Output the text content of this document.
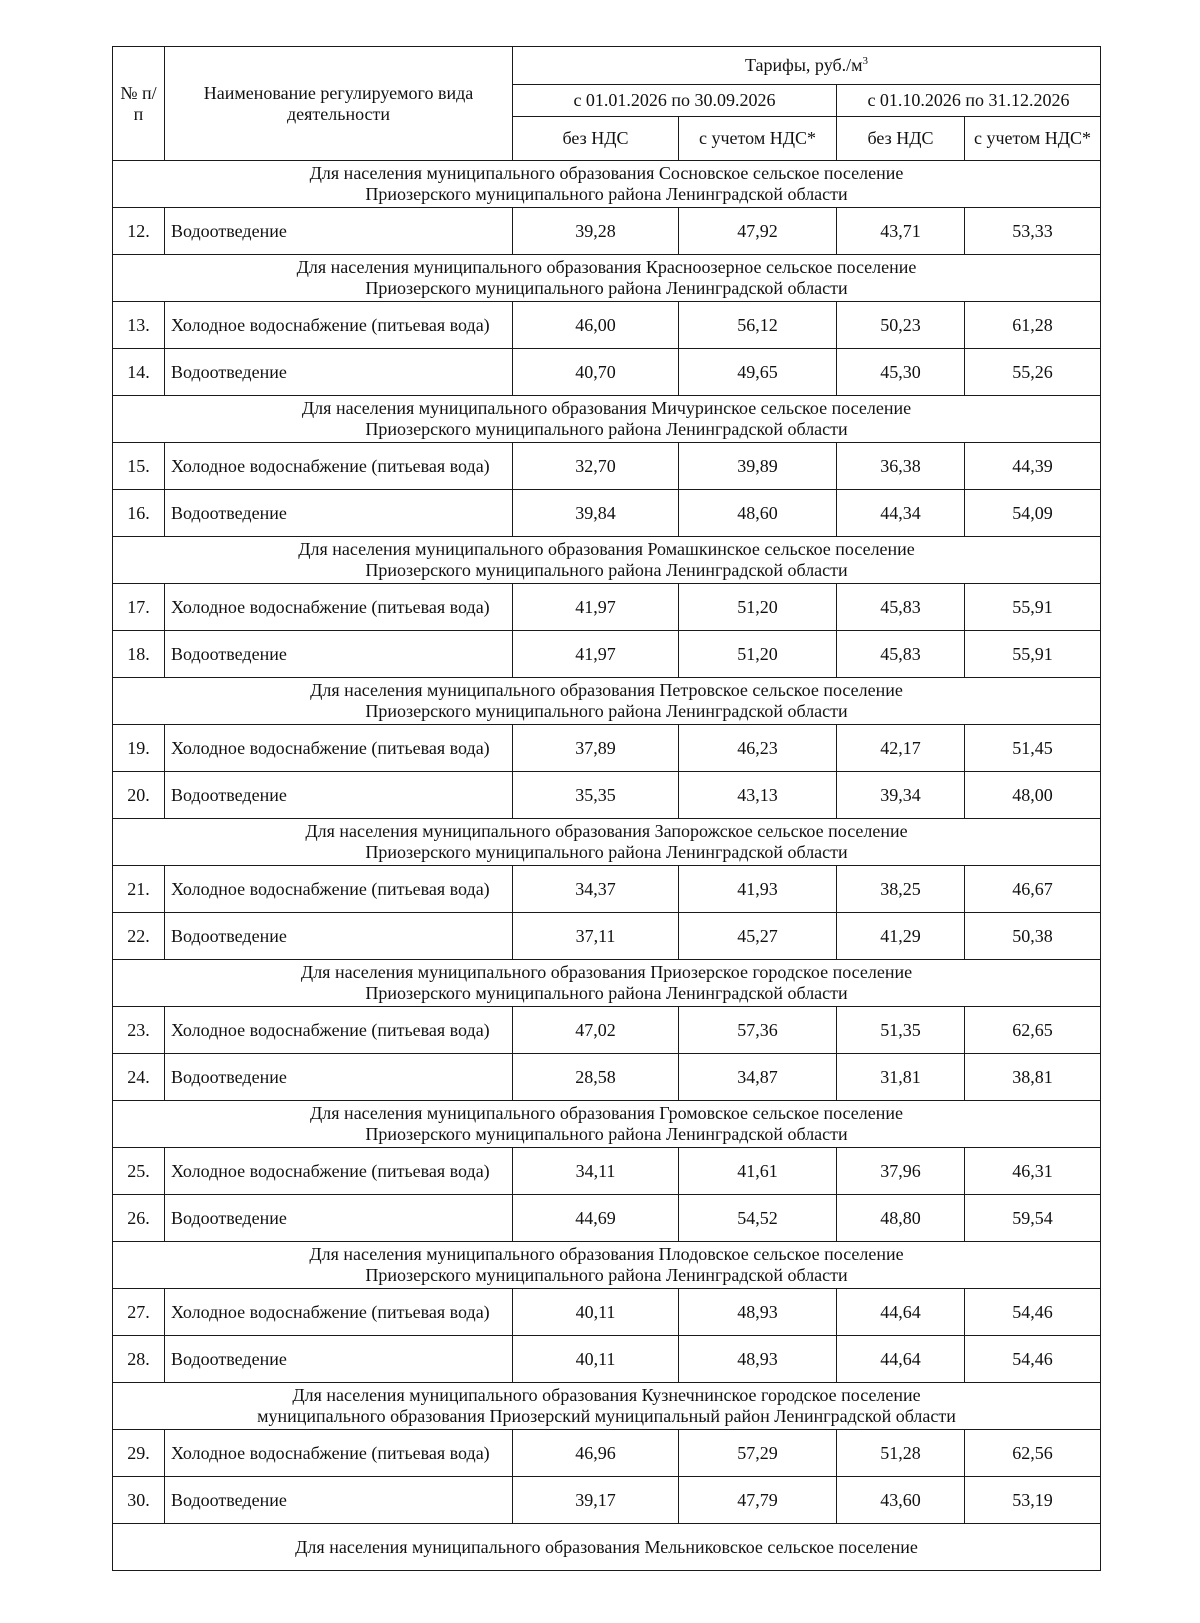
№ п/п	Наименование регулируемого вида деятельности	Тарифы, $руб./м^3$
		с 01.01.2026 по 30.09.2026		с 01.10.2026 по 31.12.2026	
		без НДС	с учетом НДС*	без НДС	с учетом НДС*

Для населения муниципального образования Сосновское сельское поселение
Приозерского муниципального района Ленинградской области					

12.	Водоотведение	39,28	47,92	43,71	53,33

Для населения муниципального образования Красноозерное сельское поселение
Приозерского муниципального района Ленинградской области					

13.	Холодное водоснабжение (питьевая вода)	46,00	56,12	50,23	61,28
14.	Водоотведение	40,70	49,65	45,30	55,26

Для населения муниципального образования Мичуринское сельское поселение
Приозерского муниципального района Ленинградской области					

15.	Холодное водоснабжение (питьевая вода)	32,70	39,89	36,38	44,39
16.	Водоотведение	39,84	48,60	44,34	54,09

Для населения муниципального образования Ромашкинское сельское поселение
Приозерского муниципального района Ленинградской области					

17.	Холодное водоснабжение (питьевая вода)	41,97	51,20	45,83	55,91
18.	Водоотведение	41,97	51,20	45,83	55,91

Для населения муниципального образования Петровское сельское поселение
Приозерского муниципального района Ленинградской области					

19.	Холодное водоснабжение (питьевая вода)	37,89	46,23	42,17	51,45
20.	Водоотведение	35,35	43,13	39,34	48,00

Для населения муниципального образования Запорожское сельское поселение
Приозерского муниципального района Ленинградской области					

21.	Холодное водоснабжение (питьевая вода)	34,37	41,93	38,25	46,67
22.	Водоотведение	37,11	45,27	41,29	50,38

Для населения муниципального образования Приозерское городское поселение
Приозерского муниципального района Ленинградской области					

23.	Холодное водоснабжение (питьевая вода)	47,02	57,36	51,35	62,65
24.	Водоотведение	28,58	34,87	31,81	38,81

Для населения муниципального образования Громовское сельское поселение
Приозерского муниципального района Ленинградской области					

25.	Холодное водоснабжение (питьевая вода)	34,11	41,61	37,96	46,31
26.	Водоотведение	44,69	54,52	48,80	59,54

Для населения муниципального образования Плодовское сельское поселение
Приозерского муниципального района Ленинградской области					

27.	Холодное водоснабжение (питьевая вода)	40,11	48,93	44,64	54,46
28.	Водоотведение	40,11	48,93	44,64	54,46

Для населения муниципального образования Кузнечнинское городское поселение
муниципального образования Приозерский муниципальный район Ленинградской области					

29.	Холодное водоснабжение (питьевая вода)	46,96	57,29	51,28	62,56
30.	Водоотведение	39,17	47,79	43,60	53,19

Для населения муниципального образования Мельниковское сельское поселение					
